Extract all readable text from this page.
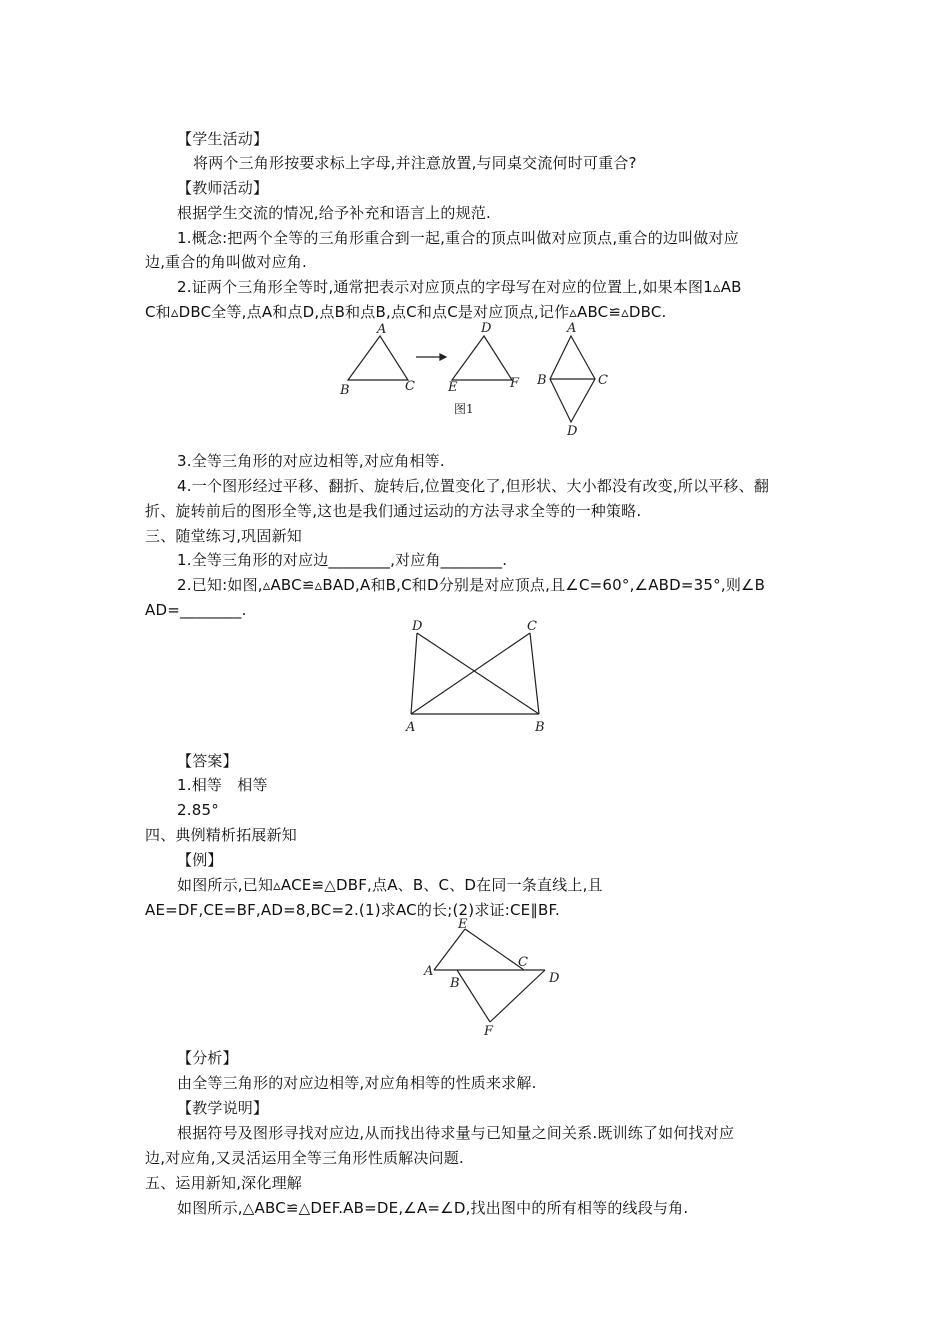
【学生活动】
将两个三角形按要求标上字母,并注意放置,与同桌交流何时可重合?
【教师活动】
根据学生交流的情况,给予补充和语言上的规范.
1.概念:把两个全等的三角形重合到一起,重合的顶点叫做对应顶点,重合的边叫做对应
边,重合的角叫做对应角.
2.证两个三角形全等时,通常把表示对应顶点的字母写在对应的位置上,如果本图1▵AB
C和▵DBC全等,点A和点D,点B和点B,点C和点C是对应顶点,记作▵ABC≌▵DBC.
A
B	C
D
E	F
图1
A
B	C
D
3.全等三角形的对应边相等,对应角相等.
4.一个图形经过平移、翻折、旋转后,位置变化了,但形状、大小都没有改变,所以平移、翻
折、旋转前后的图形全等,这也是我们通过运动的方法寻求全等的一种策略.
三、随堂练习,巩固新知
1.全等三角形的对应边________,对应角________.
2.已知:如图,▵ABC≌▵BAD,A和B,C和D分别是对应顶点,且∠C=60°,∠ABD=35°,则∠B
AD=________.
D	C
A	B
【答案】
1.相等　相等
2.85°
四、典例精析拓展新知
【例】
如图所示,已知▵ACE≌△DBF,点A、B、C、D在同一条直线上,且
AE=DF,CE=BF,AD=8,BC=2.(1)求AC的长;(2)求证:CE∥BF.
E
A
B
C
D
F
【分析】
由全等三角形的对应边相等,对应角相等的性质来求解.
【教学说明】
根据符号及图形寻找对应边,从而找出待求量与已知量之间关系.既训练了如何找对应
边,对应角,又灵活运用全等三角形性质解决问题.
五、运用新知,深化理解
如图所示,△ABC≌△DEF.AB=DE,∠A=∠D,找出图中的所有相等的线段与角.
